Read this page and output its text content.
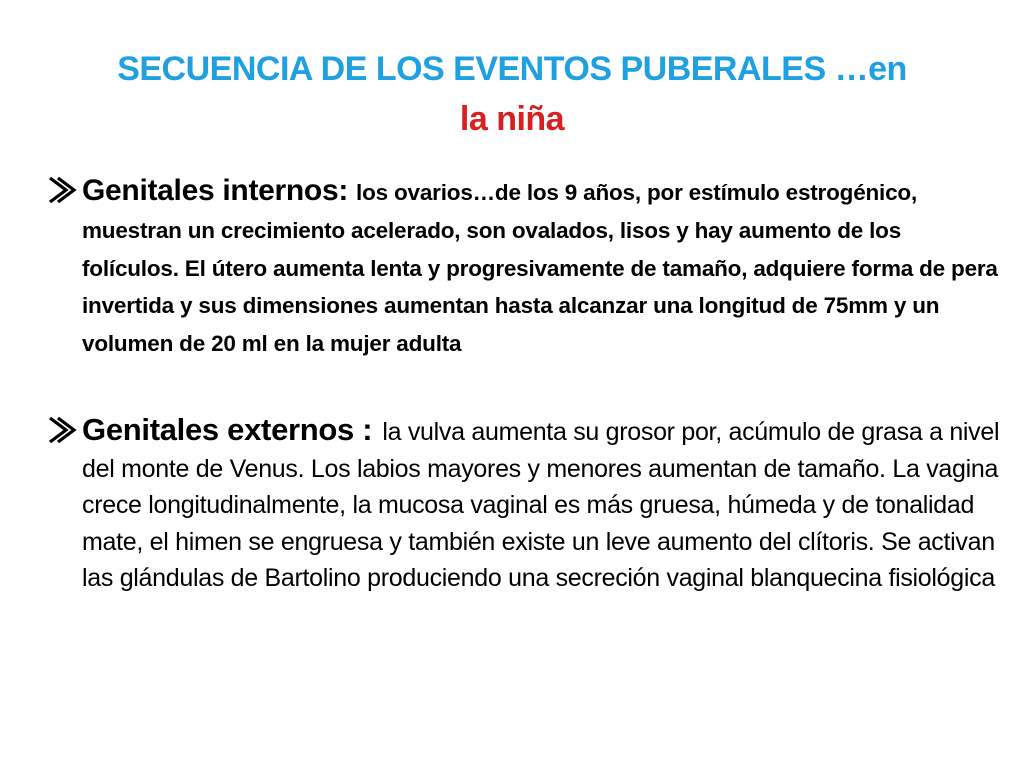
SECUENCIA DE LOS EVENTOS PUBERALES …en
la niña
Genitales internos: los ovarios…de los 9 años, por estímulo estrogénico, muestran un crecimiento acelerado, son ovalados, lisos y hay aumento de los folículos. El útero aumenta lenta y progresivamente de tamaño, adquiere forma de pera invertida y sus dimensiones aumentan hasta alcanzar una longitud de 75mm y un volumen de 20 ml en la mujer adulta
Genitales externos : la vulva aumenta su grosor por, acúmulo de grasa a nivel del monte de Venus. Los labios mayores y menores aumentan de tamaño. La vagina crece longitudinalmente, la mucosa vaginal es más gruesa, húmeda y de tonalidad mate, el himen se engruesa y también existe un leve aumento del clítoris. Se activan las glándulas de Bartolino produciendo una secreción vaginal blanquecina fisiológica
